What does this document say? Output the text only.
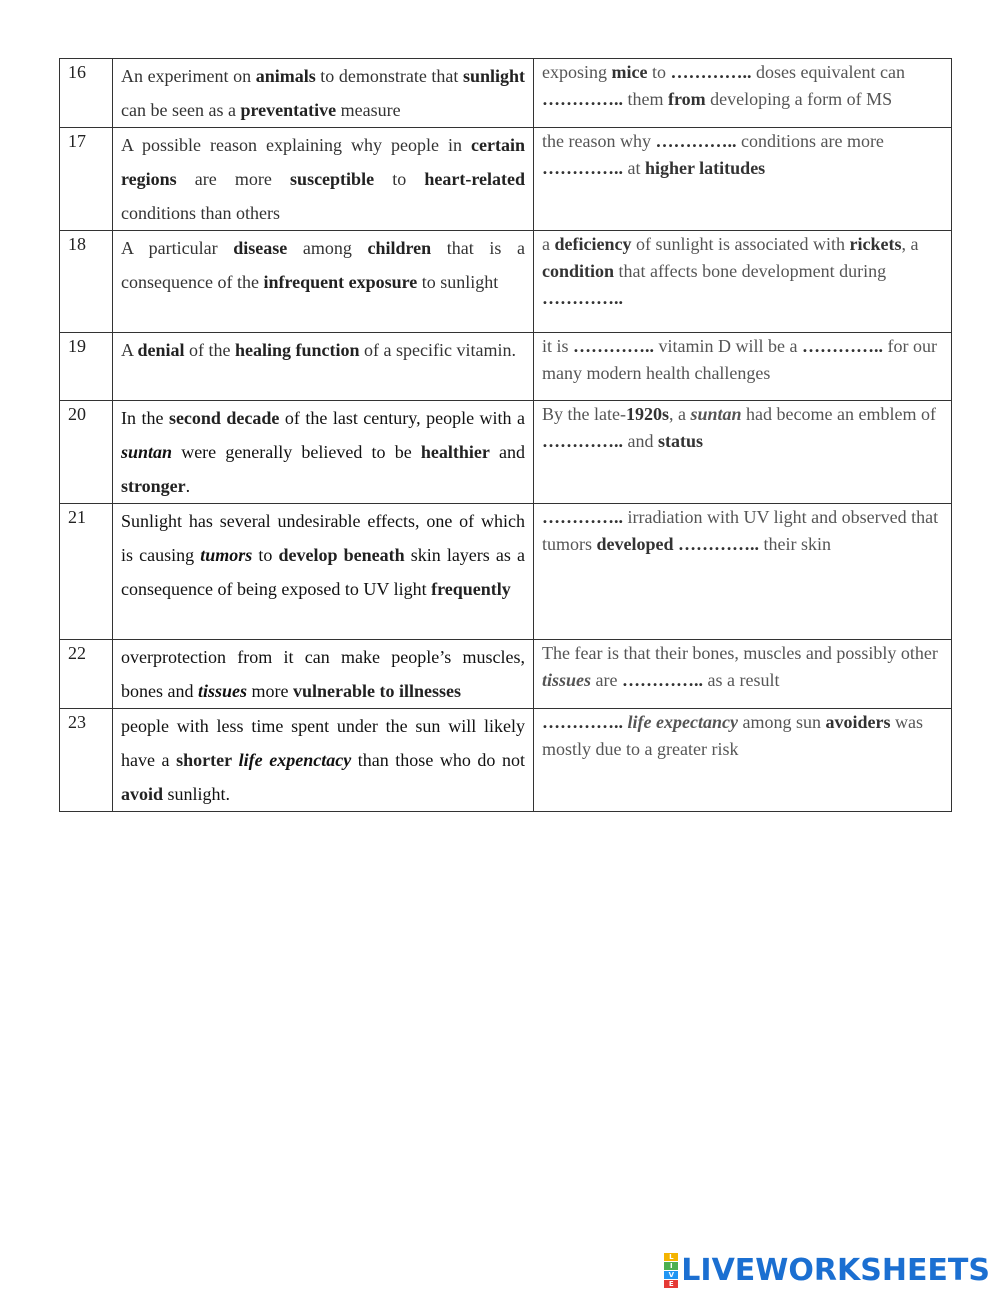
16	An experiment on animals to demonstrate that sunlight can be seen as a preventative measure	exposing mice to ………….. doses equivalent can ………….. them from developing a form of MS
17	A possible reason explaining why people in certain regions are more susceptible to heart-related conditions than others	the reason why ………….. conditions are more ………….. at higher latitudes
18	A particular disease among children that is a consequence of the infrequent exposure to sunlight	a deficiency of sunlight is associated with rickets, a condition that affects bone development during …………..
19	A denial of the healing function of a specific vitamin.	it is ………….. vitamin D will be a ………….. for our many modern health challenges
20	In the second decade of the last century, people with a suntan were generally believed to be healthier and stronger.	By the late-1920s, a suntan had become an emblem of ………….. and status
21	Sunlight has several undesirable effects, one of which is causing tumors to develop beneath skin layers as a consequence of being exposed to UV light frequently	………….. irradiation with UV light and observed that tumors developed ………….. their skin
22	overprotection from it can make people’s muscles, bones and tissues more vulnerable to illnesses	The fear is that their bones, muscles and possibly other tissues are ………….. as a result
23	people with less time spent under the sun will likely have a shorter life expenctacy than those who do not avoid sunlight.	………….. life expectancy among sun avoiders was mostly due to a greater risk
L
I
V
E LIVEWORKSHEETS
